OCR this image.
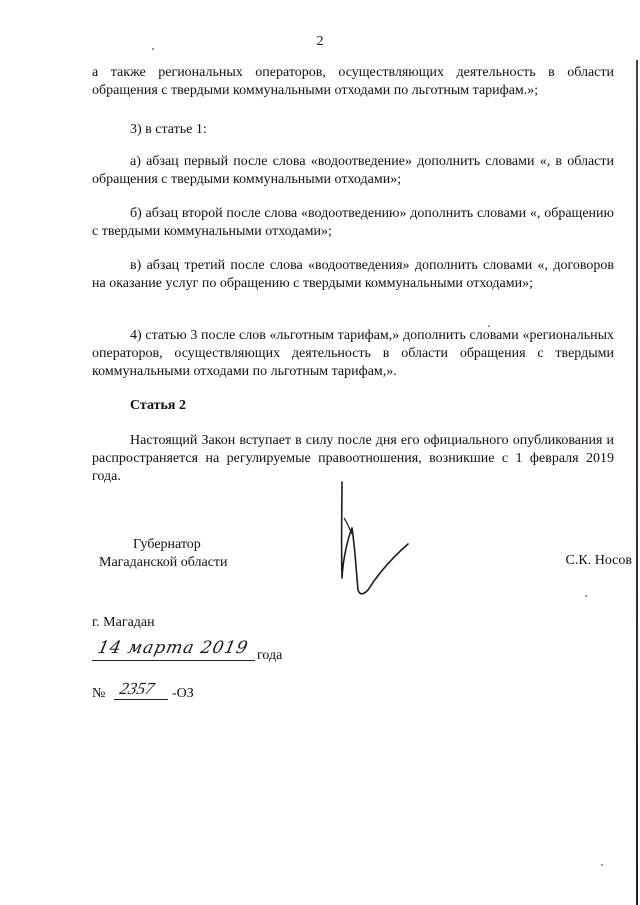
2
а также региональных операторов, осуществляющих деятельность в области обращения с твердыми коммунальными отходами по льготным тарифам.»;
3) в статье 1:
а) абзац первый после слова «водоотведение» дополнить словами «, в области обращения с твердыми коммунальными отходами»;
б) абзац второй после слова «водоотведению» дополнить словами «, обращению с твердыми коммунальными отходами»;
в) абзац третий после слова «водоотведения» дополнить словами «, договоров на оказание услуг по обращению с твердыми коммунальными отходами»;
4) статью 3 после слов «льготным тарифам,» дополнить словами «региональных операторов, осуществляющих деятельность в области обращения с твердыми коммунальными отходами по льготным тарифам,».
Статья 2
Настоящий Закон вступает в силу после дня его официального опубликования и распространяется на регулируемые правоотношения, возникшие с 1 февраля 2019 года.
Губернатор
Магаданской области	С.К. Носов
г. Магадан
14 марта 2019 года
№ 2357 -ОЗ
